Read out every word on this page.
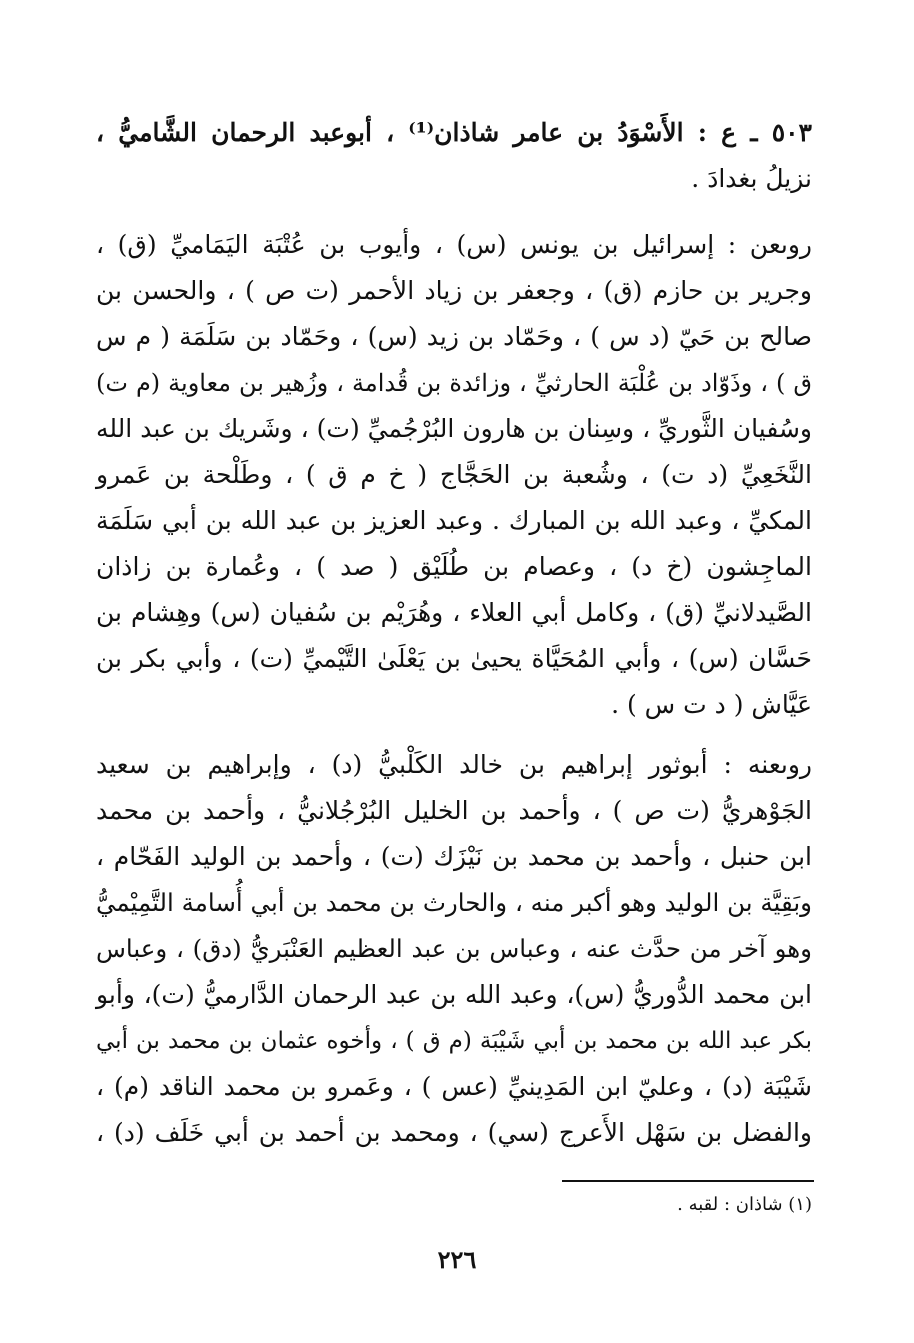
٥٠٣ ـ ع : الأَسْوَدُ بن عامر شاذان⁽¹⁾ ، أبوعبد الرحمان الشَّاميُّ ،
نزيلُ بغدادَ .
روىعن : إسرائيل بن يونس (س) ، وأيوب بن عُتْبَة اليَمَاميِّ (ق) ،
وجرير بن حازم (ق) ، وجعفر بن زياد الأحمر (ت ص ) ، والحسن بن
صالح بن حَيّ (د س ) ، وحَمّاد بن زيد (س) ، وحَمّاد بن سَلَمَة ( م س
ق ) ، وذَوّاد بن عُلْبَة الحارثيِّ ، وزائدة بن قُدامة ، وزُهير بن معاوية (م ت)
وسُفيان الثَّوريِّ ، وسِنان بن هارون البُرْجُميِّ (ت) ، وشَريك بن عبد الله
النَّخَعِيِّ (د ت) ، وشُعبة بن الحَجَّاج ( خ م ق ) ، وطَلْحة بن عَمرو
المكيِّ ، وعبد الله بن المبارك . وعبد العزيز بن عبد الله بن أبي سَلَمَة
الماجِشون (خ د) ، وعصام بن طُلَيْق ( صد ) ، وعُمارة بن زاذان
الصَّيدلانيِّ (ق) ، وكامل أبي العلاء ، وهُرَيْم بن سُفيان (س) وهِشام بن
حَسَّان (س) ، وأبي المُحَيَّاة يحيىٰ بن يَعْلَىٰ التَّيْميِّ (ت) ، وأبي بكر بن
عَيَّاش ( د ت س ) .
روىعنه : أبوثور إبراهيم بن خالد الكَلْبيُّ (د) ، وإبراهيم بن سعيد
الجَوْهريُّ (ت ص ) ، وأحمد بن الخليل البُرْجُلانيُّ ، وأحمد بن محمد
ابن حنبل ، وأحمد بن محمد بن نَيْزَك (ت) ، وأحمد بن الوليد الفَحّام ،
وبَقِيَّة بن الوليد وهو أكبر منه ، والحارث بن محمد بن أبي أُسامة التَّمِيْميُّ
وهو آخر من حدَّث عنه ، وعباس بن عبد العظيم العَنْبَريُّ (دق) ، وعباس
ابن محمد الدُّوريُّ (س)، وعبد الله بن عبد الرحمان الدَّارميُّ (ت)، وأبو
بكر عبد الله بن محمد بن أبي شَيْبَة (م ق ) ، وأخوه عثمان بن محمد بن أبي
شَيْبَة (د) ، وعليّ ابن المَدِينيِّ (عس ) ، وعَمرو بن محمد الناقد (م) ،
والفضل بن سَهْل الأَعرج (سي) ، ومحمد بن أحمد بن أبي خَلَف (د) ،
(١) شاذان : لقبه .
٢٢٦
